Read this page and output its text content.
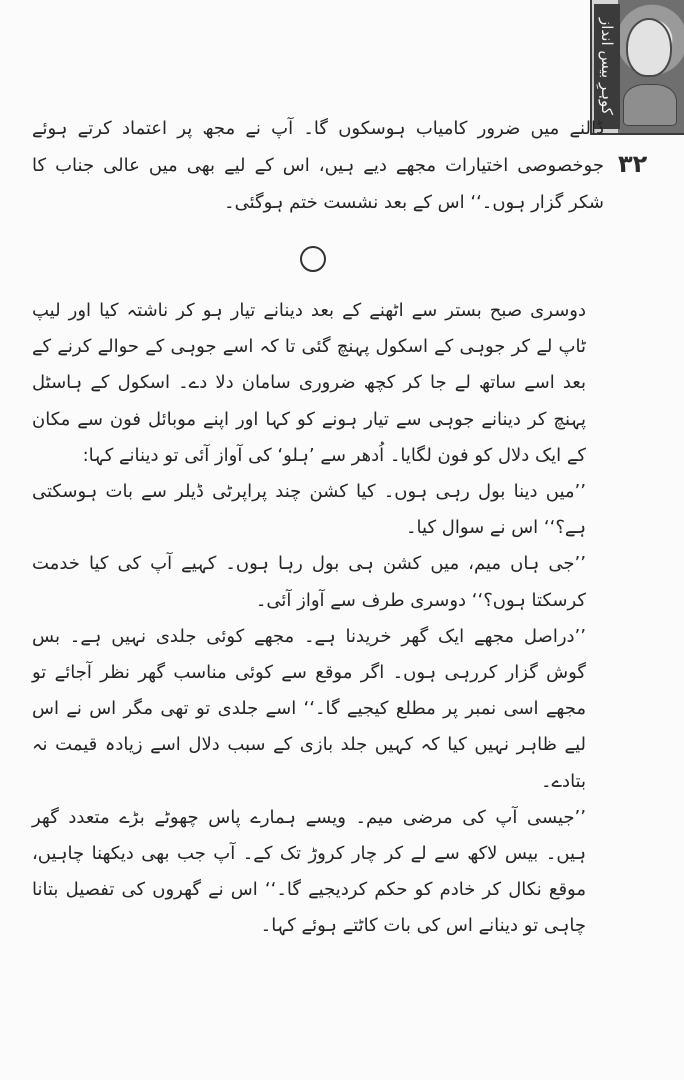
کوہرِ بیس انداز
۳۲

ڈالنے میں ضرور کامیاب ہوسکوں گا۔ آپ نے مجھ پر اعتماد کرتے ہوئے جوخصوصی اختیارات مجھے دیے ہیں، اس کے لیے بھی میں عالی جناب کا شکر گزار ہوں۔‘‘ اس کے بعد نشست ختم ہوگئی۔

دوسری صبح بستر سے اٹھنے کے بعد دینانے تیار ہو کر ناشتہ کیا اور لیپ ٹاپ لے کر جوہی کے اسکول پہنچ گئی تا کہ اسے جوہی کے حوالے کرنے کے بعد اسے ساتھ لے جا کر کچھ ضروری سامان دلا دے۔ اسکول کے ہاسٹل پہنچ کر دینانے جوہی سے تیار ہونے کو کہا اور اپنے موبائل فون سے مکان کے ایک دلال کو فون لگایا۔ اُدھر سے ’ہلو‘ کی آواز آئی تو دینانے کہا:

’’میں دینا بول رہی ہوں۔ کیا کشن چند پراپرٹی ڈیلر سے بات ہوسکتی ہے؟‘‘ اس نے سوال کیا۔

’’جی ہاں میم، میں کشن ہی بول رہا ہوں۔ کہیے آپ کی کیا خدمت کرسکتا ہوں؟‘‘ دوسری طرف سے آواز آئی۔

’’دراصل مجھے ایک گھر خریدنا ہے۔ مجھے کوئی جلدی نہیں ہے۔ بس گوش گزار کررہی ہوں۔ اگر موقع سے کوئی مناسب گھر نظر آجائے تو مجھے اسی نمبر پر مطلع کیجیے گا۔‘‘ اسے جلدی تو تھی مگر اس نے اس لیے ظاہر نہیں کیا کہ کہیں جلد بازی کے سبب دلال اسے زیادہ قیمت نہ بتادے۔

’’جیسی آپ کی مرضی میم۔ ویسے ہمارے پاس چھوٹے بڑے متعدد گھر ہیں۔ بیس لاکھ سے لے کر چار کروڑ تک کے۔ آپ جب بھی دیکھنا چاہیں، موقع نکال کر خادم کو حکم کردیجیے گا۔‘‘ اس نے گھروں کی تفصیل بتانا چاہی تو دینانے اس کی بات کاٹتے ہوئے کہا۔
